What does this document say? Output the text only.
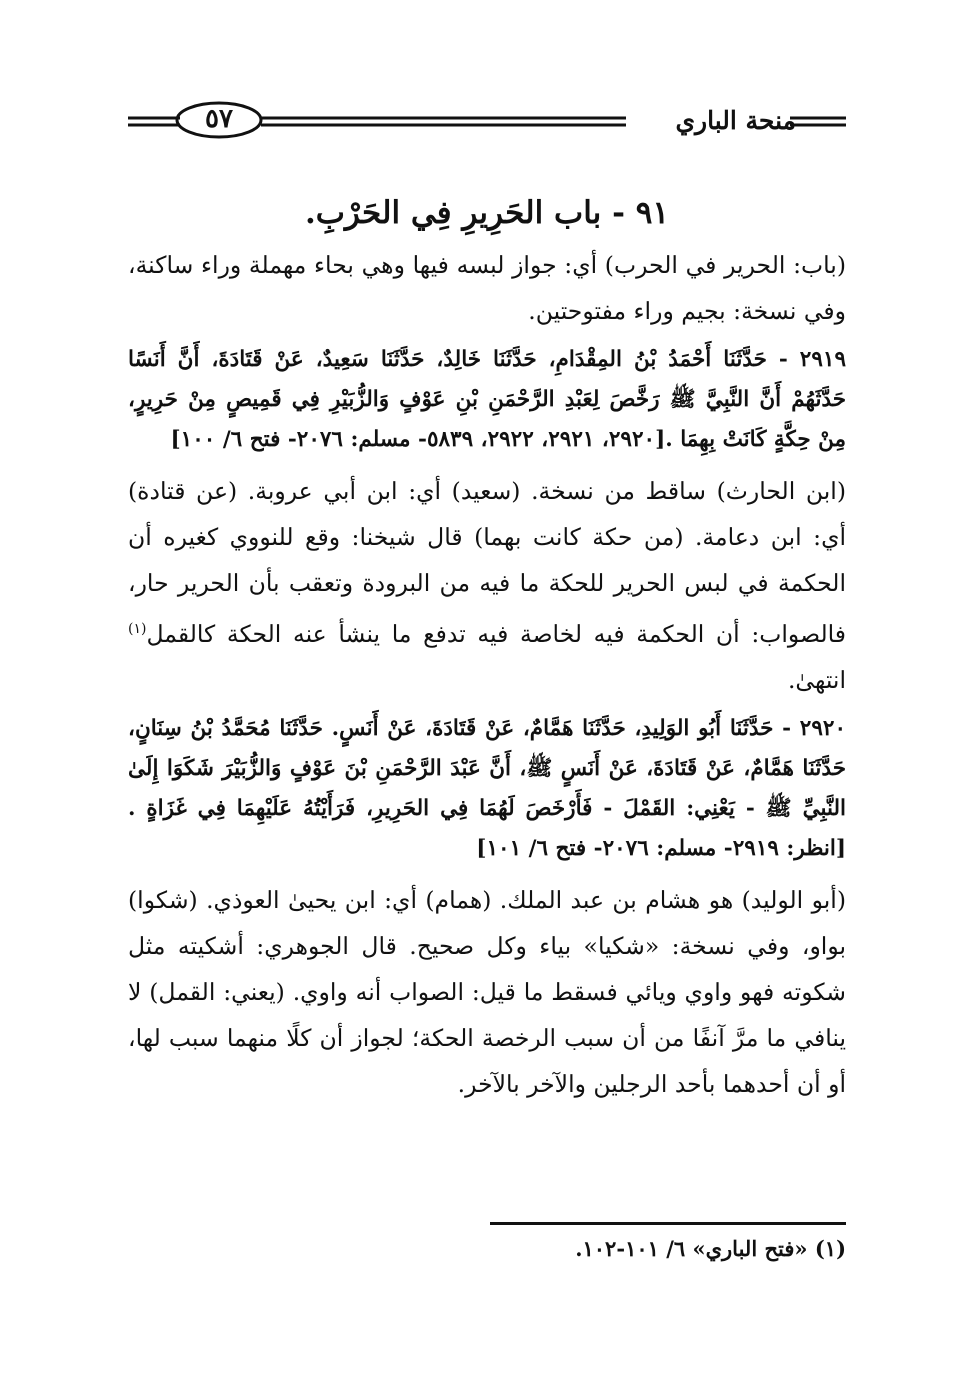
٥٧	منحة الباري
٩١ - باب الحَرِيرِ فِي الحَرْبِ.

(باب: الحرير في الحرب) أي: جواز لبسه فيها وهي بحاء مهملة وراء ساكنة، وفي نسخة: بجيم وراء مفتوحتين.

٢٩١٩ - حَدَّثَنَا أَحْمَدُ بْنُ المِقْدَامِ، حَدَّثَنَا خَالِدٌ، حَدَّثَنَا سَعِيدٌ، عَنْ قَتَادَةَ، أَنَّ أَنَسًا حَدَّثَهُمْ أَنَّ النَّبِيَّ ﷺ رَخَّصَ لِعَبْدِ الرَّحْمَنِ بْنِ عَوْفٍ وَالزُّبَيْرِ فِي قَمِيصٍ مِنْ حَرِيرٍ، مِنْ حِكَّةٍ كَانَتْ بِهِمَا .[٢٩٢٠، ٢٩٢١، ٢٩٢٢، ٥٨٣٩- مسلم: ٢٠٧٦- فتح ٦/ ١٠٠]

(ابن الحارث) ساقط من نسخة. (سعيد) أي: ابن أبي عروبة. (عن قتادة) أي: ابن دعامة. (من حكة كانت بهما) قال شيخنا: وقع للنووي كغيره أن الحكمة في لبس الحرير للحكة ما فيه من البرودة وتعقب بأن الحرير حار، فالصواب: أن الحكمة فيه لخاصة فيه تدفع ما ينشأ عنه الحكة كالقمل$^{(١)}$ انتهىٰ.

٢٩٢٠ - حَدَّثَنَا أَبُو الوَلِيدِ، حَدَّثَنَا هَمَّامٌ، عَنْ قَتَادَةَ، عَنْ أَنَسٍ. حَدَّثَنَا مُحَمَّدُ بْنُ سِنَانٍ، حَدَّثَنَا هَمَّامٌ، عَنْ قَتَادَةَ، عَنْ أَنَسٍ ﷺ، أَنَّ عَبْدَ الرَّحْمَنِ بْنَ عَوْفٍ وَالزُّبَيْرَ شَكَوَا إِلَىٰ النَّبِيِّ ﷺ - يَعْنِي: القَمْلَ - فَأَرْخَصَ لَهُمَا فِي الحَرِيرِ، فَرَأَيْتُهُ عَلَيْهِمَا فِي غَزَاةٍ .[انظر: ٢٩١٩- مسلم: ٢٠٧٦- فتح ٦/ ١٠١]

(أبو الوليد) هو هشام بن عبد الملك. (همام) أي: ابن يحيىٰ العوذي. (شكوا) بواو، وفي نسخة: «شكيا» بياء وكل صحيح. قال الجوهري: أشكيته مثل شكوته فهو واوي ويائي فسقط ما قيل: الصواب أنه واوي. (يعني: القمل) لا ينافي ما مرَّ آنفًا من أن سبب الرخصة الحكة؛ لجواز أن كلًا منهما سبب لها، أو أن أحدهما بأحد الرجلين والآخر بالآخر.

(١) «فتح الباري» ٦/ ١٠١-١٠٢.
